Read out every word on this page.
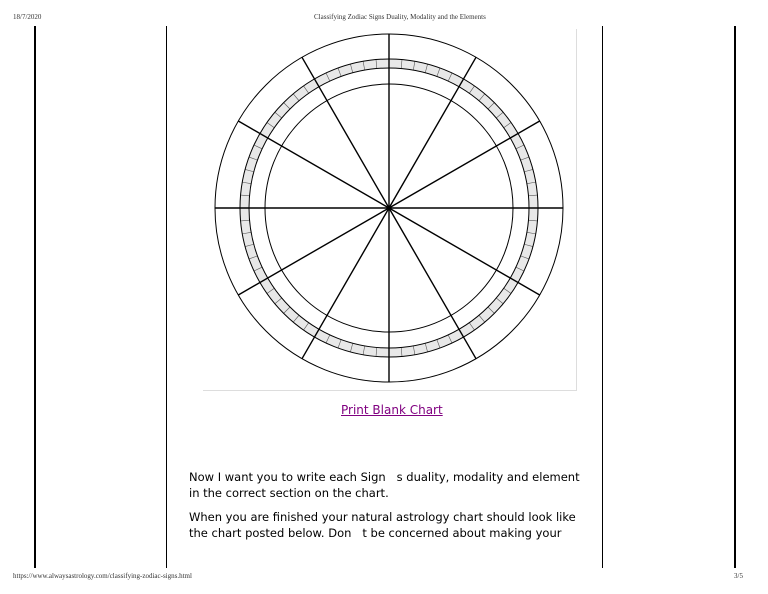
18/7/2020	Classifying Zodiac Signs Duality, Modality and the Elements
Print Blank Chart
Now I want you to write each Sign   s duality, modality and element
in the correct section on the chart.
When you are finished your natural astrology chart should look like
the chart posted below. Don   t be concerned about making your
https://www.alwaysastrology.com/classifying-zodiac-signs.html	3/5
